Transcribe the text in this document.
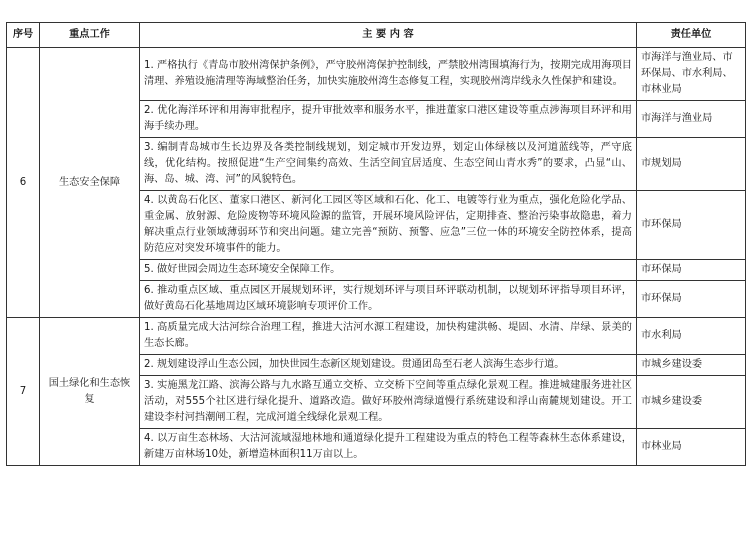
序号	重点工作	主 要 内 容	责任单位
6	生态安全保障	1. 严格执行《青岛市胶州湾保护条例》，严守胶州湾保护控制线，严禁胶州湾围填海行为，按期完成用海项目清理、养殖设施清理等海域整治任务，加快实施胶州湾生态修复工程，实现胶州湾岸线永久性保护和建设。	市海洋与渔业局、市环保局、市水利局、市林业局
		2. 优化海洋环评和用海审批程序，提升审批效率和服务水平，推进董家口港区建设等重点涉海项目环评和用海手续办理。	市海洋与渔业局
		3. 编制青岛城市生长边界及各类控制线规划，划定城市开发边界，划定山体绿核以及河道蓝线等，严守底线，优化结构。按照促进“生产空间集约高效、生活空间宜居适度、生态空间山青水秀”的要求，凸显“山、海、岛、城、湾、河”的风貌特色。	市规划局
		4. 以黄岛石化区、董家口港区、新河化工园区等区域和石化、化工、电镀等行业为重点，强化危险化学品、重金属、放射源、危险废物等环境风险源的监管，开展环境风险评估，定期排查、整治污染事故隐患，着力解决重点行业领域薄弱环节和突出问题。建立完善“预防、预警、应急”三位一体的环境安全防控体系，提高防范应对突发环境事件的能力。	市环保局
		5. 做好世园会周边生态环境安全保障工作。	市环保局
		6. 推动重点区域、重点园区开展规划环评，实行规划环评与项目环评联动机制，以规划环评指导项目环评，做好黄岛石化基地周边区域环境影响专项评价工作。	市环保局
7	国土绿化和生态恢复	1. 高质量完成大沽河综合治理工程，推进大沽河水源工程建设，加快构建洪畅、堤固、水清、岸绿、景美的生态长廊。	市水利局
		2. 规划建设浮山生态公园，加快世园生态新区规划建设。贯通团岛至石老人滨海生态步行道。	市城乡建设委
		3. 实施黑龙江路、滨海公路与九水路互通立交桥、立交桥下空间等重点绿化景观工程。推进城建服务进社区活动，对555个社区进行绿化提升、道路改造。做好环胶州湾绿道慢行系统建设和浮山南麓规划建设。开工建设李村河挡潮闸工程，完成河道全线绿化景观工程。	市城乡建设委
		4. 以万亩生态林场、大沽河流域湿地林地和通道绿化提升工程建设为重点的特色工程等森林生态体系建设，新建万亩林场10处，新增造林面积11万亩以上。	市林业局
